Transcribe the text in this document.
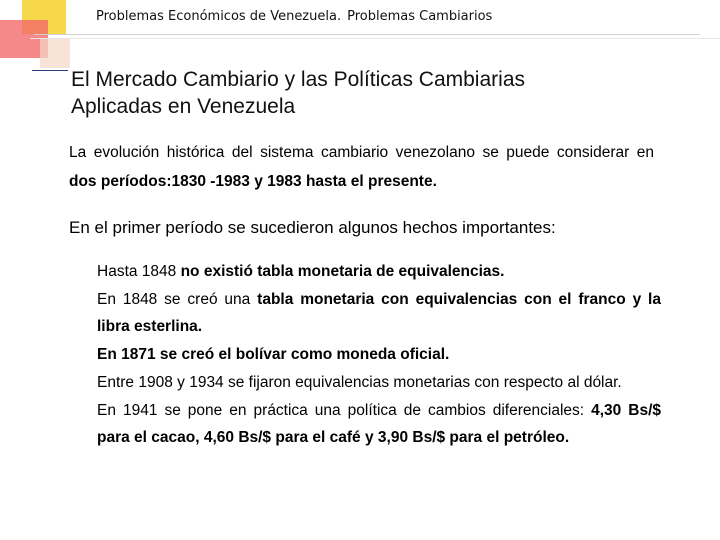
Problemas Económicos de Venezuela. Problemas Cambiarios
El Mercado Cambiario y las Políticas Cambiarias
Aplicadas en Venezuela
La evolución histórica del sistema cambiario venezolano se puede considerar en dos períodos:1830 -1983 y 1983 hasta el presente.
En el primer período se sucedieron algunos hechos importantes:
Hasta 1848 no existió tabla monetaria de equivalencias.
En 1848 se creó una tabla monetaria con equivalencias con el franco y la libra esterlina.
En 1871 se creó el bolívar como moneda oficial.
Entre 1908 y 1934 se fijaron equivalencias monetarias con respecto al dólar.
En 1941 se pone en práctica una política de cambios diferenciales: 4,30 Bs/$ para el cacao, 4,60 Bs/$ para el café y 3,90 Bs/$ para el petróleo.
